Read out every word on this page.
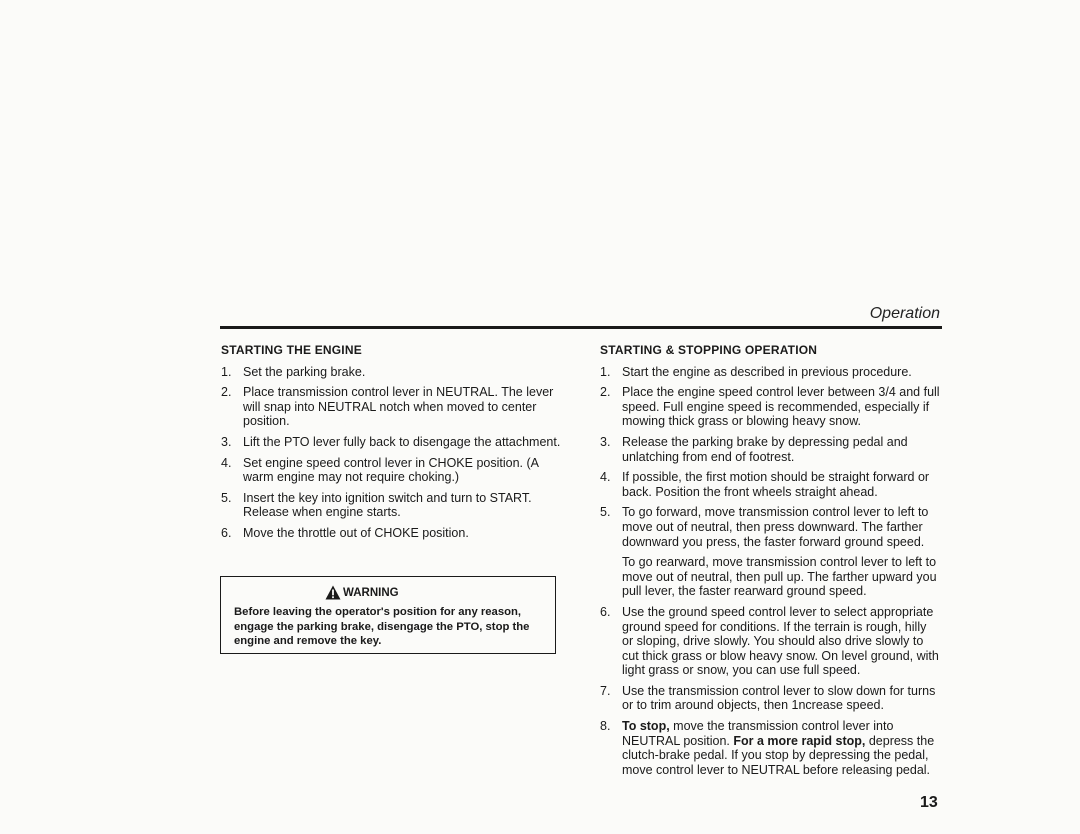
Operation
STARTING THE ENGINE
1. Set the parking brake.

2. Place transmission control lever in NEUTRAL. The lever will snap into NEUTRAL notch when moved to center position.

3. Lift the PTO lever fully back to disengage the attachment.

4. Set engine speed control lever in CHOKE position. (A warm engine may not require choking.)

5. Insert the key into ignition switch and turn to START. Release when engine starts.

6. Move the throttle out of CHOKE position.

WARNING
Before leaving the operator's position for any reason, engage the parking brake, disengage the PTO, stop the engine and remove the key.
STARTING & STOPPING OPERATION
1. Start the engine as described in previous procedure.

2. Place the engine speed control lever between 3/4 and full speed. Full engine speed is recommended, especially if mowing thick grass or blowing heavy snow.

3. Release the parking brake by depressing pedal and unlatching from end of footrest.

4. If possible, the first motion should be straight forward or back. Position the front wheels straight ahead.

5. To go forward, move transmission control lever to left to move out of neutral, then press downward. The farther downward you press, the faster forward ground speed.

To go rearward, move transmission control lever to left to move out of neutral, then pull up. The farther upward you pull lever, the faster rearward ground speed.

6. Use the ground speed control lever to select appropriate ground speed for conditions. If the terrain is rough, hilly or sloping, drive slowly. You should also drive slowly to cut thick grass or blow heavy snow. On level ground, with light grass or snow, you can use full speed.

7. Use the transmission control lever to slow down for turns or to trim around objects, then 1ncrease speed.

8. To stop, move the transmission control lever into NEUTRAL position. For a more rapid stop, depress the clutch-brake pedal. If you stop by depressing the pedal, move control lever to NEUTRAL before releasing pedal.

13
